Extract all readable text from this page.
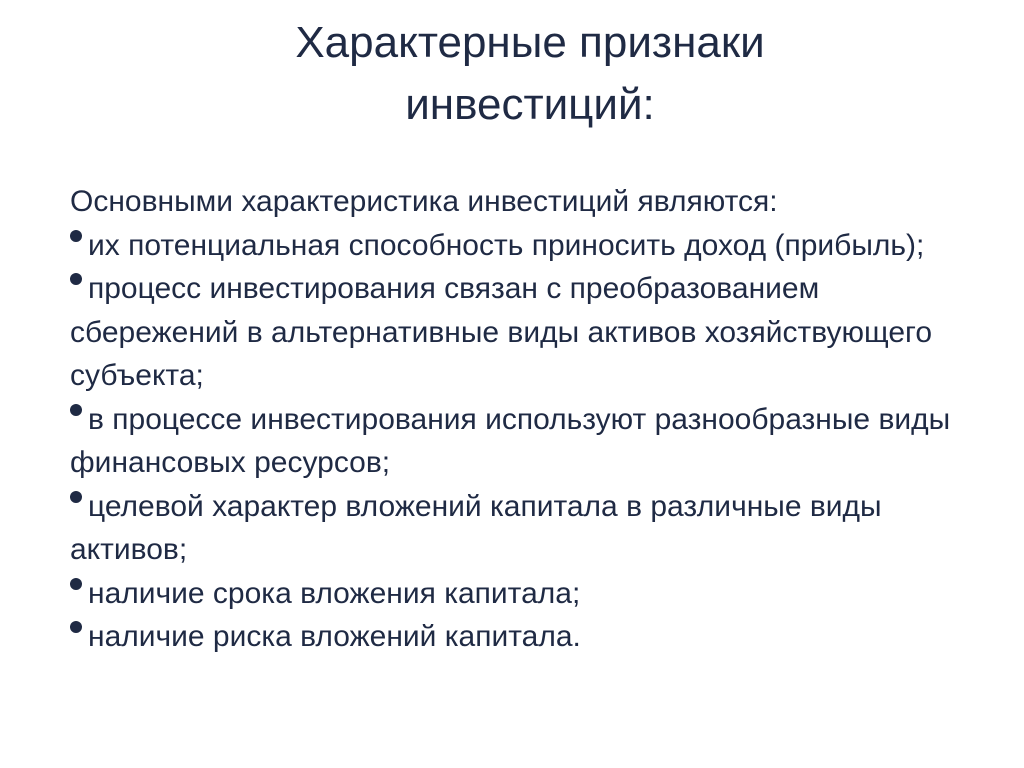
Характерные признаки
инвестиций:
Основными характеристика инвестиций являются:
их потенциальная способность приносить доход (прибыль);
процесс инвестирования связан с преобразованием сбережений в альтернативные виды активов хозяйствующего субъекта;
в процессе инвестирования используют разнообразные виды финансовых ресурсов;
целевой характер вложений капитала в различные виды активов;
наличие срока вложения капитала;
наличие риска вложений капитала.
